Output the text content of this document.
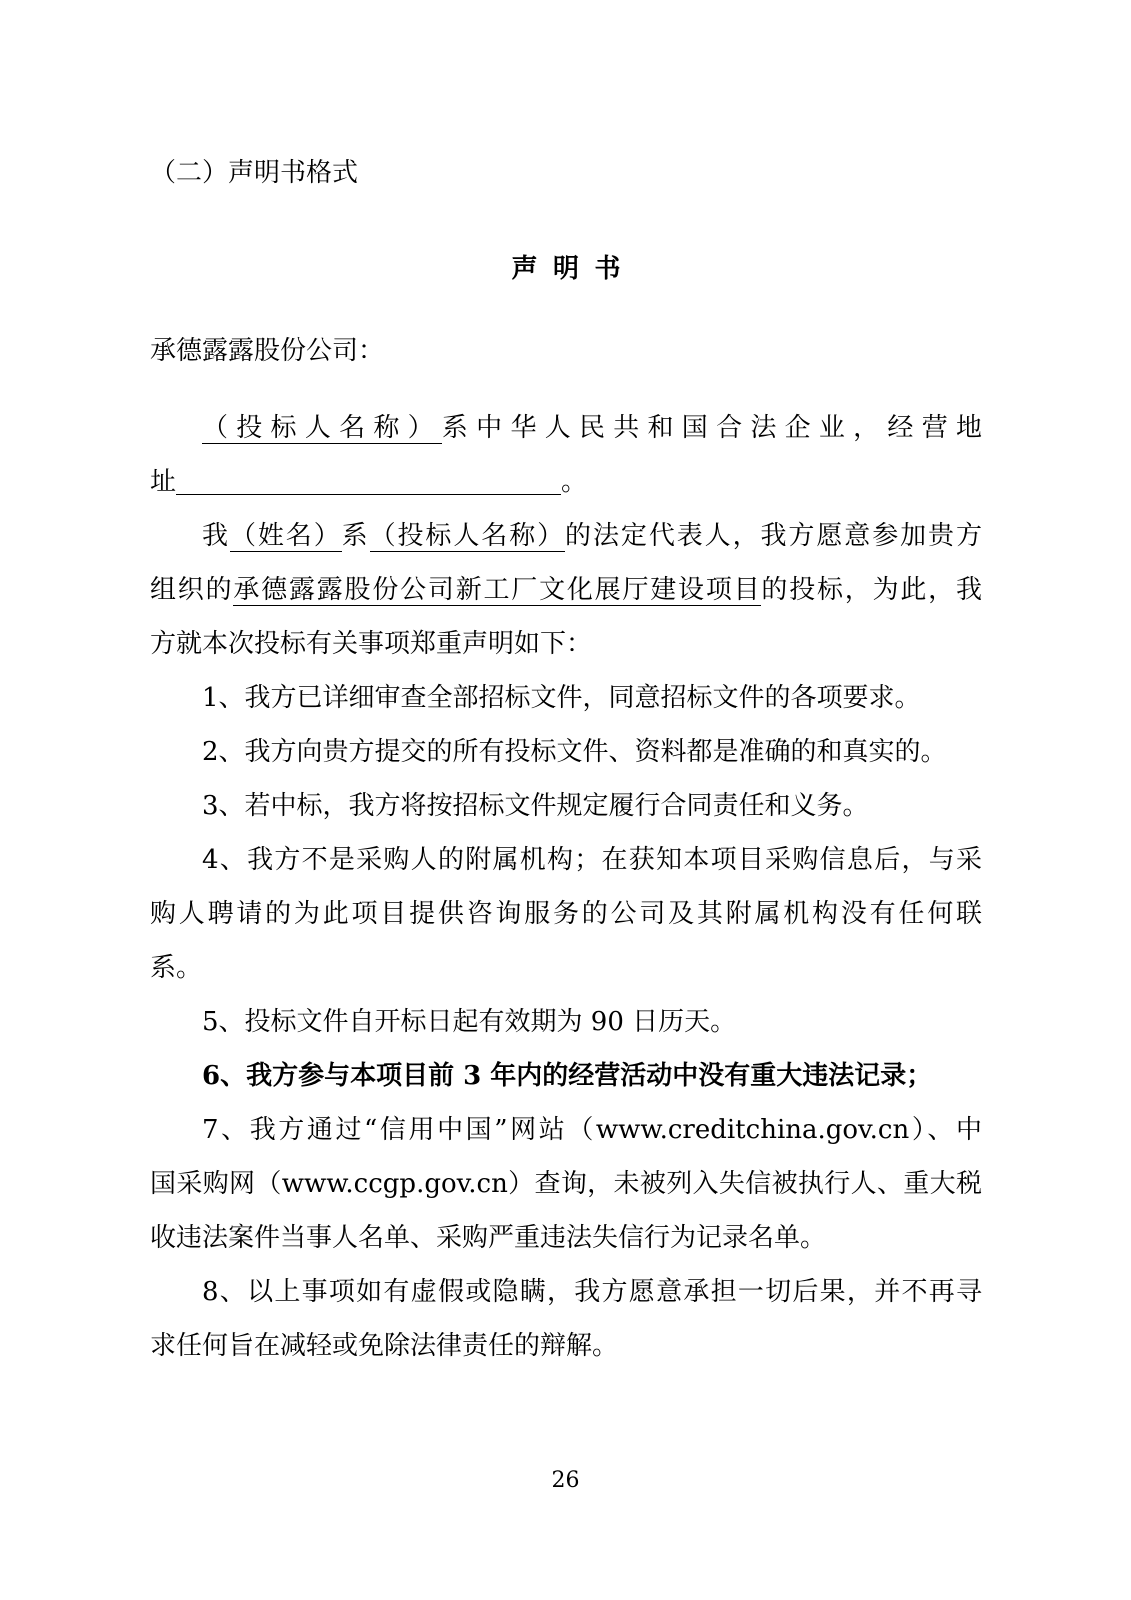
（二）声明书格式
声 明 书
承德露露股份公司：
（投标人名称）系中华人民共和国合法企业，经营地
址	。
我（姓名）系（投标人名称）的法定代表人，我方愿意参加贵方
组织的承德露露股份公司新工厂文化展厅建设项目的投标，为此，我
方就本次投标有关事项郑重声明如下：
1、我方已详细审查全部招标文件，同意招标文件的各项要求。
2、我方向贵方提交的所有投标文件、资料都是准确的和真实的。
3、若中标，我方将按招标文件规定履行合同责任和义务。
4、我方不是采购人的附属机构；在获知本项目采购信息后，与采
购人聘请的为此项目提供咨询服务的公司及其附属机构没有任何联
系。
5、投标文件自开标日起有效期为 90 日历天。
6、我方参与本项目前 3 年内的经营活动中没有重大违法记录；
7、我方通过“信用中国”网站（www.creditchina.gov.cn）、中
国采购网（www.ccgp.gov.cn）查询，未被列入失信被执行人、重大税
收违法案件当事人名单、采购严重违法失信行为记录名单。
8、以上事项如有虚假或隐瞒，我方愿意承担一切后果，并不再寻
求任何旨在减轻或免除法律责任的辩解。
26
